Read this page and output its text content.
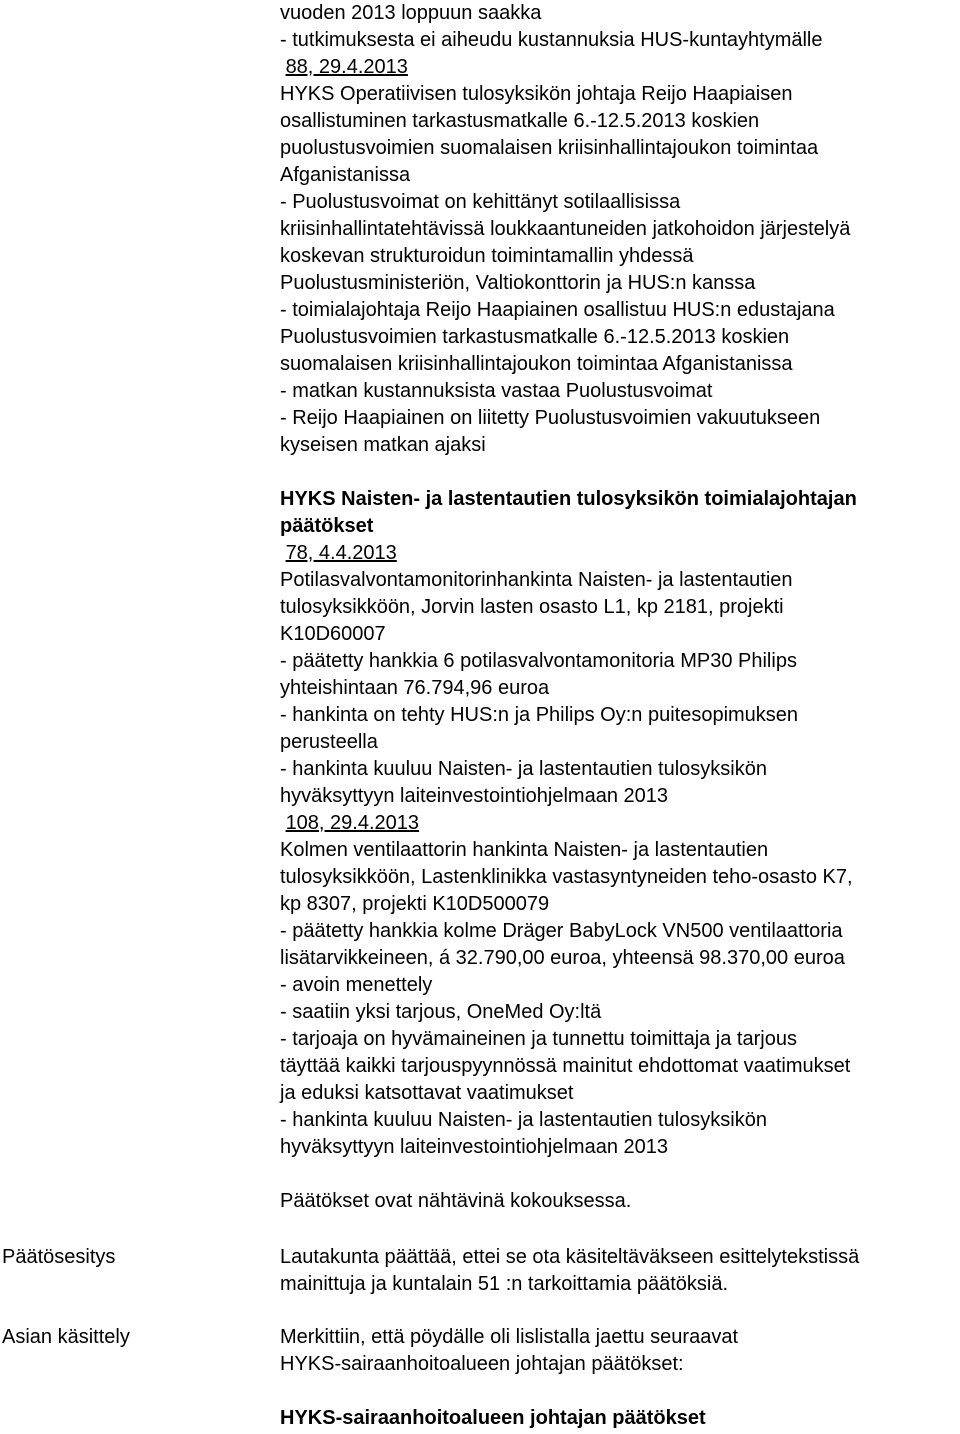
vuoden 2013 loppuun saakka
- tutkimuksesta ei aiheudu kustannuksia HUS-kuntayhtymälle
88, 29.4.2013
HYKS Operatiivisen tulosyksikön johtaja Reijo Haapiaisen
osallistuminen tarkastusmatkalle 6.-12.5.2013 koskien
puolustusvoimien suomalaisen kriisinhallintajoukon toimintaa
Afganistanissa
- Puolustusvoimat on kehittänyt sotilaallisissa
kriisinhallintatehtävissä loukkaantuneiden jatkohoidon järjestelyä
koskevan strukturoidun toimintamallin yhdessä
Puolustusministeriön, Valtiokonttorin ja HUS:n kanssa
- toimialajohtaja Reijo Haapiainen osallistuu HUS:n edustajana
Puolustusvoimien tarkastusmatkalle 6.-12.5.2013 koskien
suomalaisen kriisinhallintajoukon toimintaa Afganistanissa
- matkan kustannuksista vastaa Puolustusvoimat
- Reijo Haapiainen on liitetty Puolustusvoimien vakuutukseen
kyseisen matkan ajaksi
HYKS Naisten- ja lastentautien tulosyksikön toimialajohtajan
päätökset
78, 4.4.2013
Potilasvalvontamonitorinhankinta Naisten- ja lastentautien
tulosyksikköön, Jorvin lasten osasto L1, kp 2181, projekti
K10D60007
- päätetty hankkia 6 potilasvalvontamonitoria MP30 Philips
yhteishintaan 76.794,96 euroa
- hankinta on tehty HUS:n ja Philips Oy:n puitesopimuksen
perusteella
- hankinta kuuluu Naisten- ja lastentautien tulosyksikön
hyväksyttyyn laiteinvestointiohjelmaan 2013
108, 29.4.2013
Kolmen ventilaattorin hankinta Naisten- ja lastentautien
tulosyksikköön, Lastenklinikka vastasyntyneiden teho-osasto K7,
kp 8307, projekti K10D500079
- päätetty hankkia kolme Dräger BabyLock VN500 ventilaattoria
lisätarvikkeineen, á 32.790,00 euroa, yhteensä 98.370,00 euroa
- avoin menettely
- saatiin yksi tarjous, OneMed Oy:ltä
- tarjoaja on hyvämaineinen ja tunnettu toimittaja ja tarjous
täyttää kaikki tarjouspyynnössä mainitut ehdottomat vaatimukset
ja eduksi katsottavat vaatimukset
- hankinta kuuluu Naisten- ja lastentautien tulosyksikön
hyväksyttyyn laiteinvestointiohjelmaan 2013
Päätökset ovat nähtävinä kokouksessa.
Päätösesitys	Lautakunta päättää, ettei se ota käsiteltäväkseen esittelytekstissä
mainittuja ja kuntalain 51 :n tarkoittamia päätöksiä.
Asian käsittely	Merkittiin, että pöydälle oli lislistalla jaettu seuraavat
HYKS-sairaanhoitoalueen johtajan päätökset:
HYKS-sairaanhoitoalueen johtajan päätökset
